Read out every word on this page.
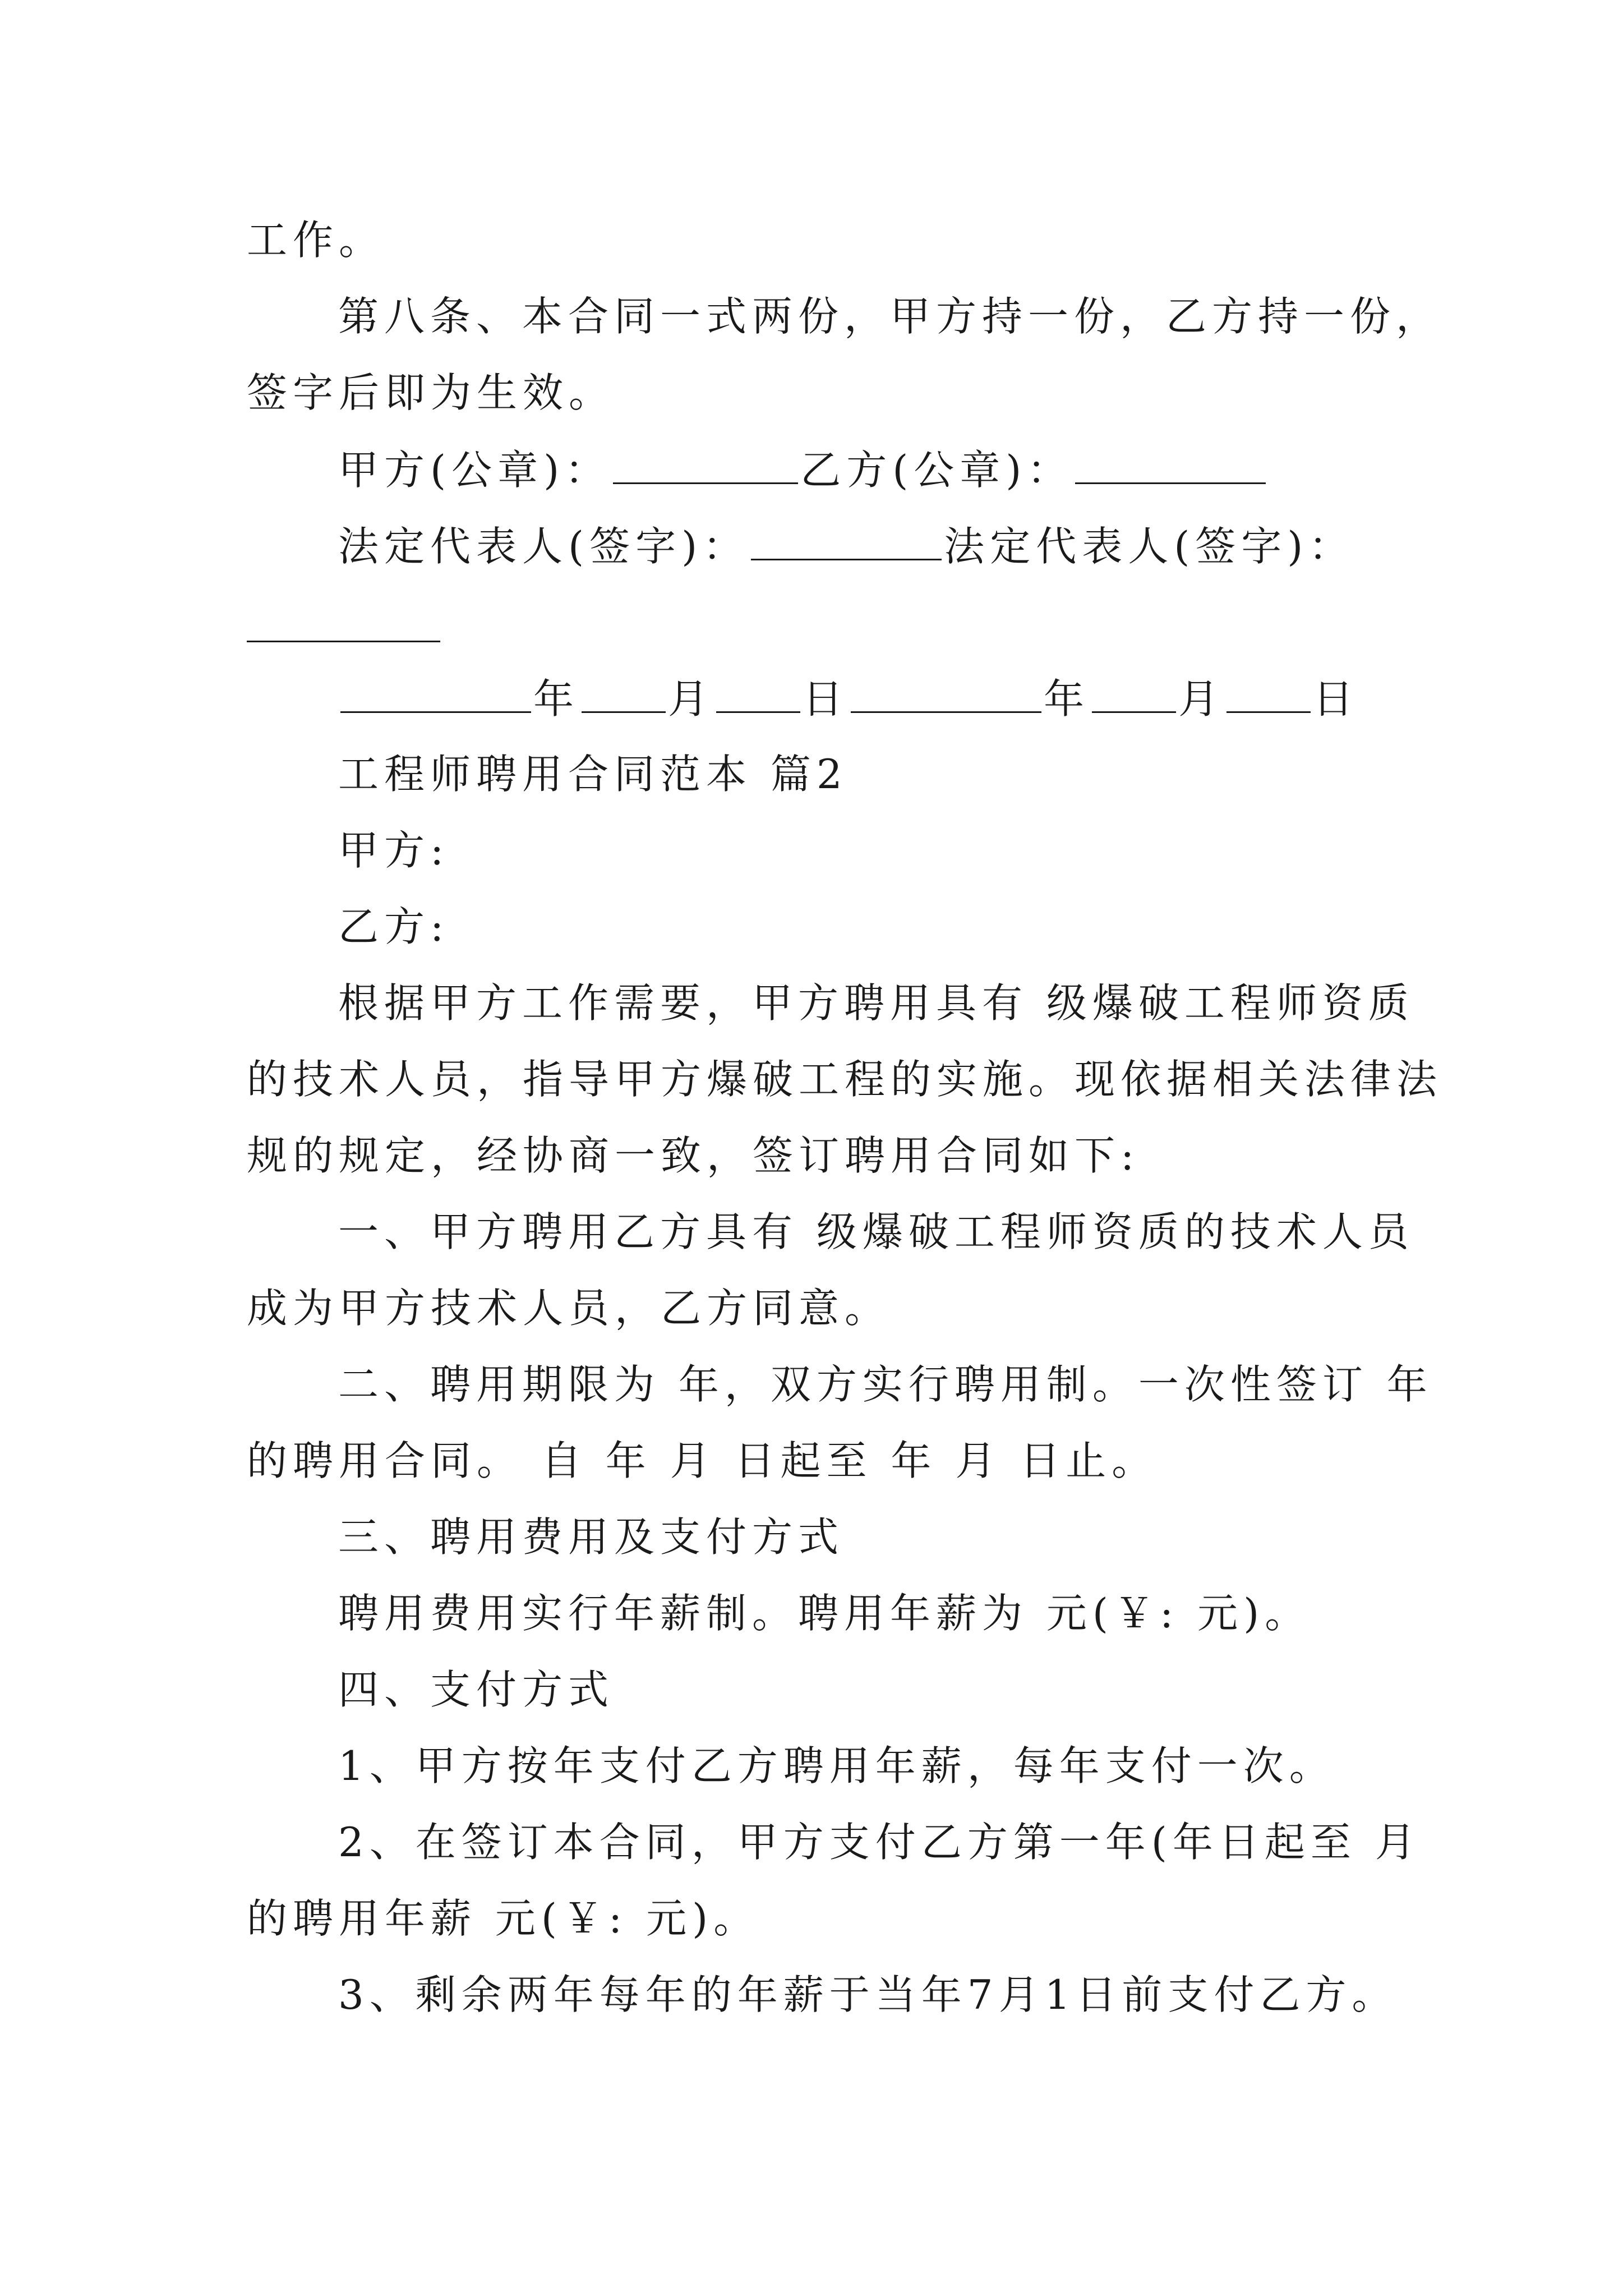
工作。
第八条、本合同一式两份，甲方持一份，乙方持一份，
签字后即为生效。
甲方(公章)：	乙方(公章)：
法定代表人(签字)：	法定代表人(签字)：
年 月 日	年 月 日
工程师聘用合同范本 篇2
甲方:
乙方:
根据甲方工作需要，甲方聘用具有 级爆破工程师资质
的技术人员，指导甲方爆破工程的实施。现依据相关法律法
规的规定，经协商一致，签订聘用合同如下:
一、甲方聘用乙方具有 级爆破工程师资质的技术人员
成为甲方技术人员，乙方同意。
二、聘用期限为 年，双方实行聘用制。一次性签订 年
的聘用合同。 自 年 月 日起至 年 月 日止。
三、聘用费用及支付方式
聘用费用实行年薪制。聘用年薪为 元(￥: 元)。
四、支付方式
1、甲方按年支付乙方聘用年薪，每年支付一次。
2、在签订本合同，甲方支付乙方第一年(年日起至 月
的聘用年薪 元(￥: 元)。
3、剩余两年每年的年薪于当年7月1日前支付乙方。
